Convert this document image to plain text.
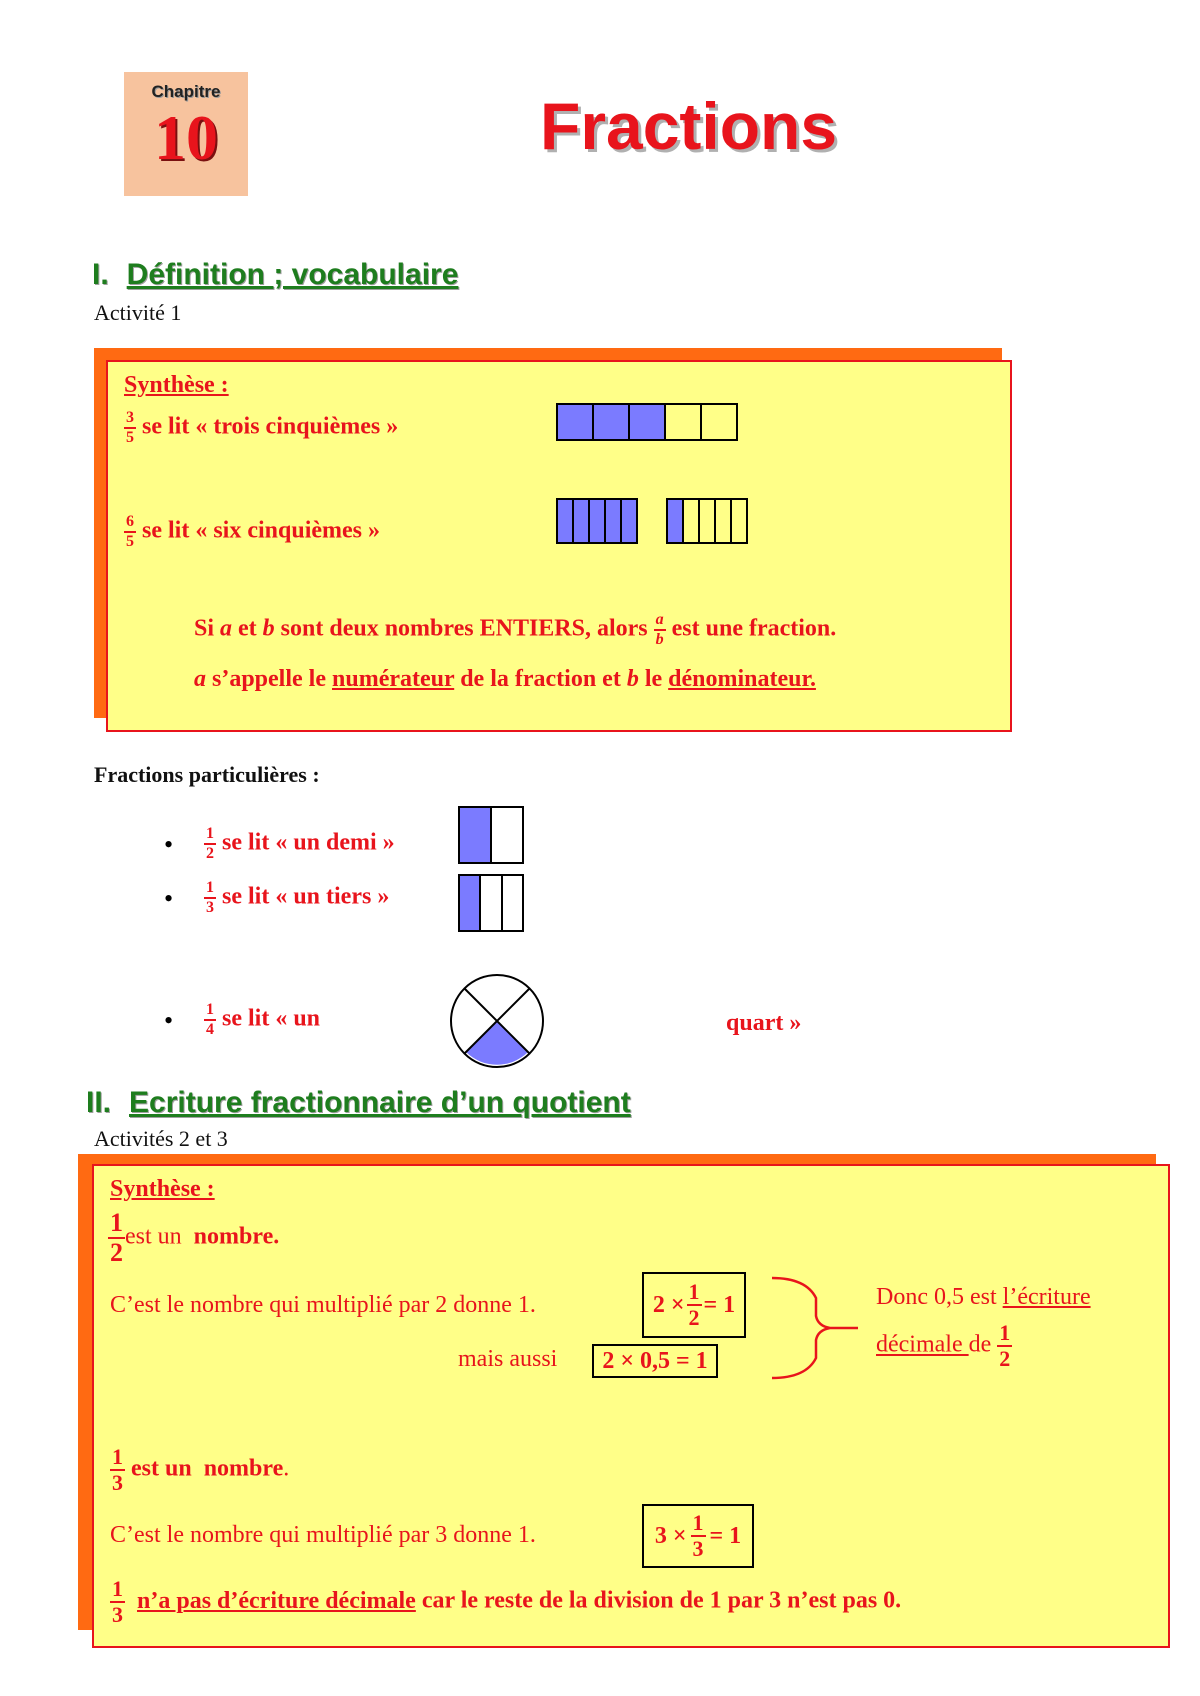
Chapitre
10	Fractions
I. Définition ; vocabulaire
Activité 1
Synthèse :
$\frac{3}{5}$ se lit « trois cinquièmes »
$\frac{6}{5}$ se lit « six cinquièmes »
Si a et b sont deux nombres ENTIERS, alors $\frac{a}{b}$ est une fraction.
a s’appelle le numérateur de la fraction et b le dénominateur.
Fractions particulières :
• $\frac{1}{2}$ se lit « un demi »
• $\frac{1}{3}$ se lit « un tiers »
• $\frac{1}{4}$ se lit « un	quart »
II. Ecriture fractionnaire d’un quotient
Activités 2 et 3
Synthèse :
$\frac{1}{2}$ est un nombre.
C’est le nombre qui multiplié par 2 donne 1.	$2 \times \frac{1}{2} = 1$
mais aussi	2 × 0,5 = 1
Donc 0,5 est l’écriture
décimale de $\frac{1}{2}$
$\frac{1}{3}$ est un nombre.
C’est le nombre qui multiplié par 3 donne 1.	$3 \times \frac{1}{3} = 1$
$\frac{1}{3}$ n’a pas d’écriture décimale car le reste de la division de 1 par 3 n’est pas 0.
